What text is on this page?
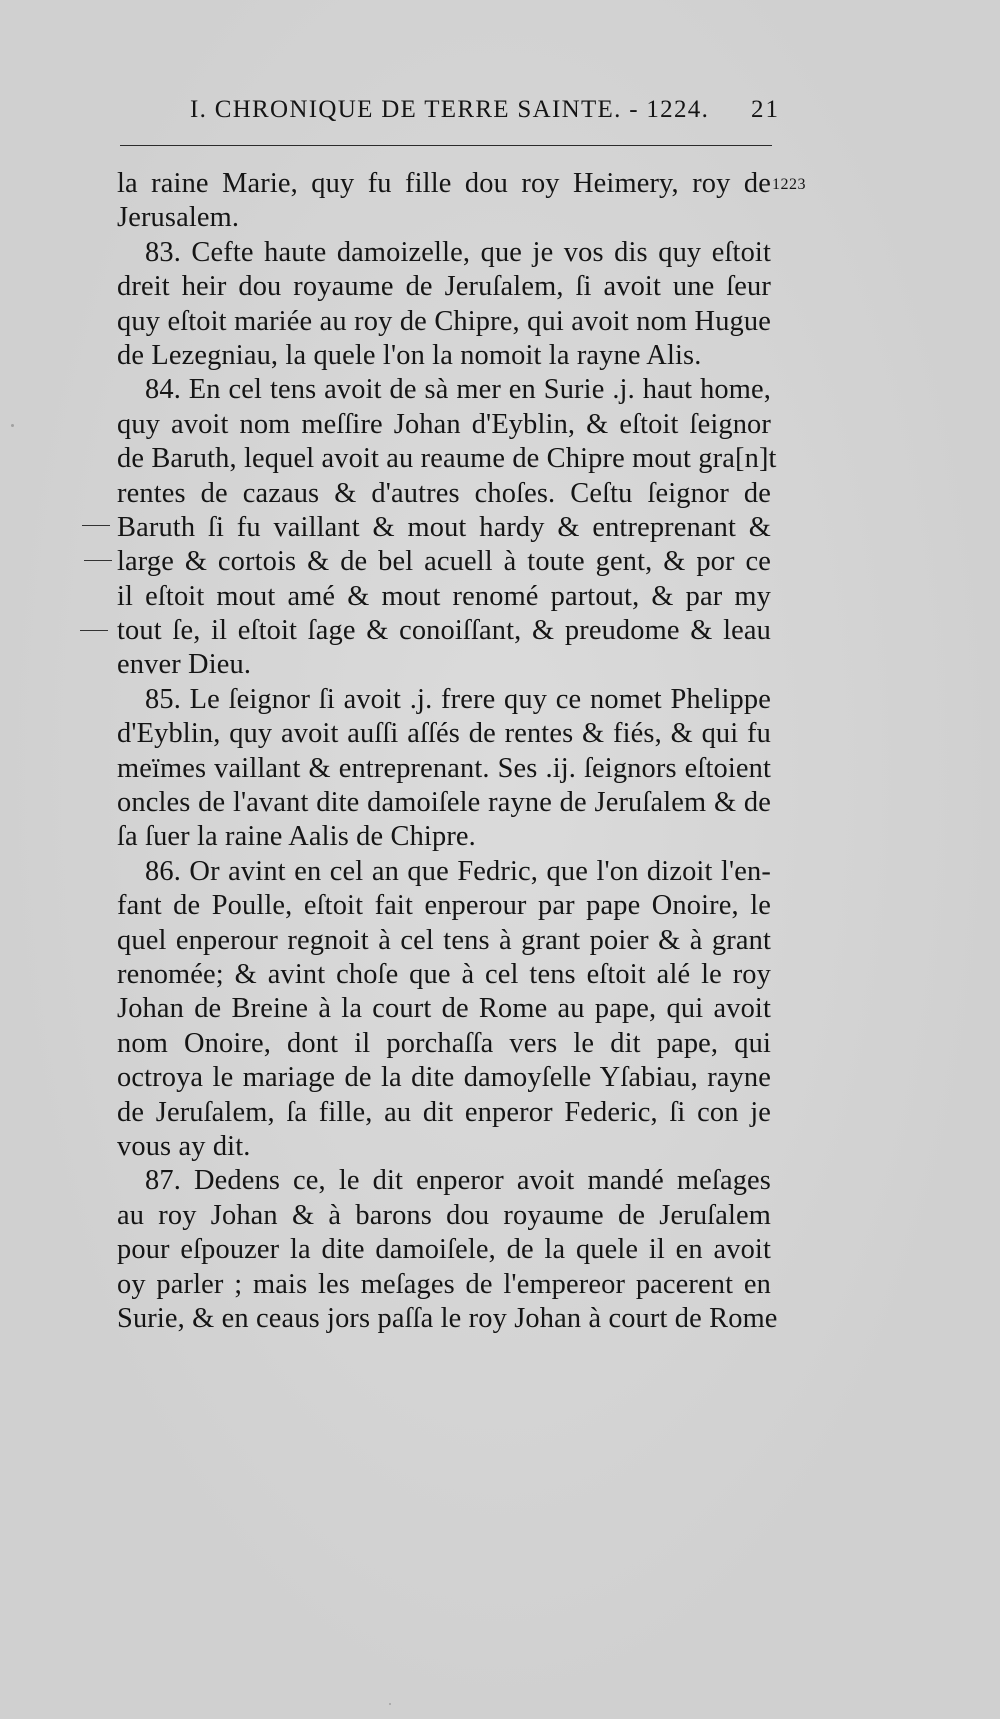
I. CHRONIQUE DE TERRE SAINTE. - 1224. 21
1223
la raine Marie, quy fu fille dou roy Heimery, roy de
Jerusalem.
83. Cefte haute damoizelle, que je vos dis quy eſtoit
dreit heir dou royaume de Jeruſalem, ſi avoit une ſeur
quy eſtoit mariée au roy de Chipre, qui avoit nom Hugue
de Lezegniau, la quele l'on la nomoit la rayne Alis.
84. En cel tens avoit de sà mer en Surie .j. haut home,
quy avoit nom meſſire Johan d'Eyblin, & eſtoit ſeignor
de Baruth, lequel avoit au reaume de Chipre mout gra[n]t
rentes de cazaus & d'autres choſes. Ceſtu ſeignor de
Baruth ſi fu vaillant & mout hardy & entreprenant &
large & cortois & de bel acuell à toute gent, & por ce
il eſtoit mout amé & mout renomé partout, & par my
tout ſe, il eſtoit ſage & conoiſſant, & preudome & leau
enver Dieu.
85. Le ſeignor ſi avoit .j. frere quy ce nomet Phelippe
d'Eyblin, quy avoit auſſi aſſés de rentes & fiés, & qui fu
meïmes vaillant & entreprenant. Ses .ij. ſeignors eſtoient
oncles de l'avant dite damoiſele rayne de Jeruſalem & de
ſa ſuer la raine Aalis de Chipre.
86. Or avint en cel an que Fedric, que l'on dizoit l'en-
fant de Poulle, eſtoit fait enperour par pape Onoire, le
quel enperour regnoit à cel tens à grant poier & à grant
renomée; & avint choſe que à cel tens eſtoit alé le roy
Johan de Breine à la court de Rome au pape, qui avoit
nom Onoire, dont il porchaſſa vers le dit pape, qui
octroya le mariage de la dite damoyſelle Yſabiau, rayne
de Jeruſalem, ſa fille, au dit enperor Federic, ſi con je
vous ay dit.
87. Dedens ce, le dit enperor avoit mandé meſages
au roy Johan & à barons dou royaume de Jeruſalem
pour eſpouzer la dite damoiſele, de la quele il en avoit
oy parler ; mais les meſages de l'empereor pacerent en
Surie, & en ceaus jors paſſa le roy Johan à court de Rome
